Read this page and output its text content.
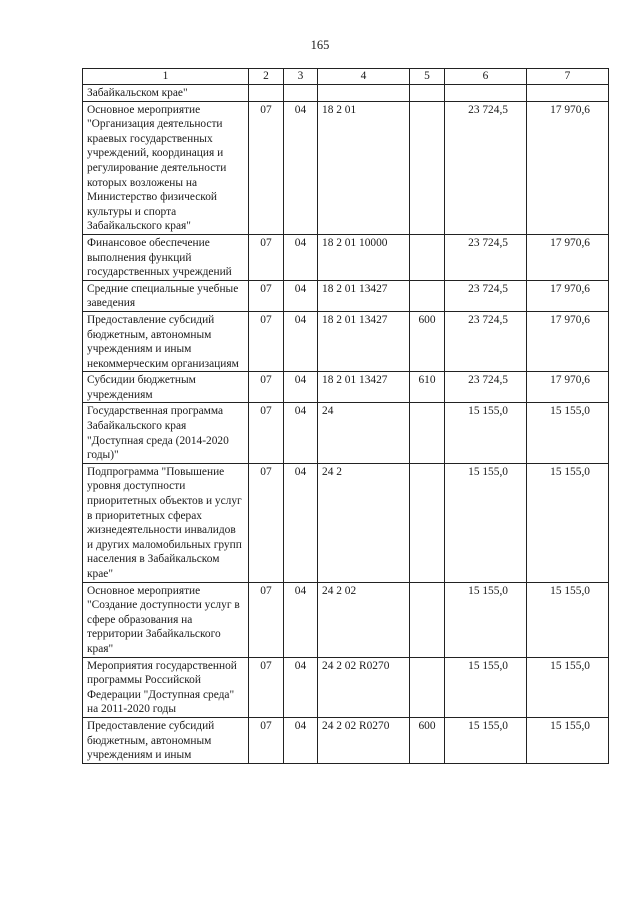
165
1	2	3	4	5	6	7
Забайкальском крае"						
Основное мероприятие "Организация деятельности краевых государственных учреждений, координация и регулирование деятельности которых возложены на Министерство физической культуры и спорта Забайкальского края"	07	04	18 2 01		23 724,5	17 970,6
Финансовое обеспечение выполнения функций государственных учреждений	07	04	18 2 01 10000		23 724,5	17 970,6
Средние специальные учебные заведения	07	04	18 2 01 13427		23 724,5	17 970,6
Предоставление субсидий бюджетным, автономным учреждениям и иным некоммерческим организациям	07	04	18 2 01 13427	600	23 724,5	17 970,6
Субсидии бюджетным учреждениям	07	04	18 2 01 13427	610	23 724,5	17 970,6
Государственная программа Забайкальского края "Доступная среда (2014-2020 годы)"	07	04	24		15 155,0	15 155,0
Подпрограмма "Повышение уровня доступности приоритетных объектов и услуг в приоритетных сферах жизнедеятельности инвалидов и других маломобильных групп населения в Забайкальском крае"	07	04	24 2		15 155,0	15 155,0
Основное мероприятие "Создание доступности услуг в сфере образования на территории Забайкальского края"	07	04	24 2 02		15 155,0	15 155,0
Мероприятия государственной программы Российской Федерации "Доступная среда" на 2011-2020 годы	07	04	24 2 02 R0270		15 155,0	15 155,0
Предоставление субсидий бюджетным, автономным учреждениям и иным	07	04	24 2 02 R0270	600	15 155,0	15 155,0
